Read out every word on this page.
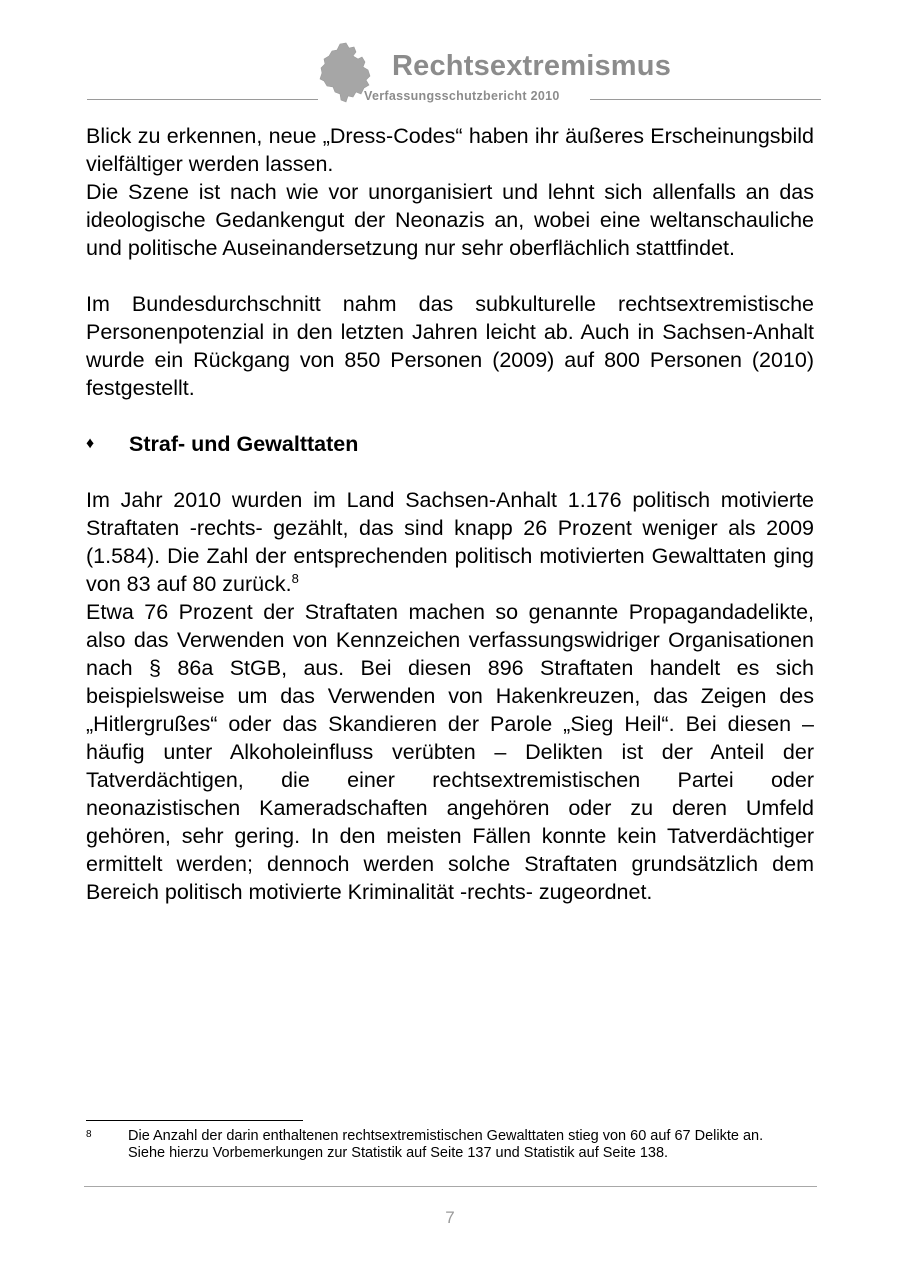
Rechtsextremismus
Verfassungsschutzbericht 2010

Blick zu erkennen, neue „Dress-Codes“ haben ihr äußeres Erscheinungsbild vielfältiger werden lassen.

Die Szene ist nach wie vor unorganisiert und lehnt sich allenfalls an das ideologische Gedankengut der Neonazis an, wobei eine weltanschauliche und politische Auseinandersetzung nur sehr oberflächlich stattfindet.

Im Bundesdurchschnitt nahm das subkulturelle rechtsextremistische Personenpotenzial in den letzten Jahren leicht ab. Auch in Sachsen-Anhalt wurde ein Rückgang von 850 Personen (2009) auf 800 Personen (2010) festgestellt.

♦	Straf- und Gewalttaten

Im Jahr 2010 wurden im Land Sachsen-Anhalt 1.176 politisch motivierte Straftaten -rechts- gezählt, das sind knapp 26 Prozent weniger als 2009 (1.584). Die Zahl der entsprechenden politisch motivierten Gewalttaten ging von 83 auf 80 zurück.$^8$

Etwa 76 Prozent der Straftaten machen so genannte Propagandadelikte, also das Verwenden von Kennzeichen verfassungswidriger Organisationen nach § 86a StGB, aus. Bei diesen 896 Straftaten handelt es sich beispielsweise um das Verwenden von Hakenkreuzen, das Zeigen des „Hitlergrußes“ oder das Skandieren der Parole „Sieg Heil“. Bei diesen – häufig unter Alkoholeinfluss verübten – Delikten ist der Anteil der Tatverdächtigen, die einer rechtsextremistischen Partei oder neonazistischen Kameradschaften angehören oder zu deren Umfeld gehören, sehr gering. In den meisten Fällen konnte kein Tatverdächtiger ermittelt werden; dennoch werden solche Straftaten grundsätzlich dem Bereich politisch motivierte Kriminalität -rechts- zugeordnet.

8	Die Anzahl der darin enthaltenen rechtsextremistischen Gewalttaten stieg von 60 auf 67 Delikte an.
Siehe hierzu Vorbemerkungen zur Statistik auf Seite 137 und Statistik auf Seite 138.
7
